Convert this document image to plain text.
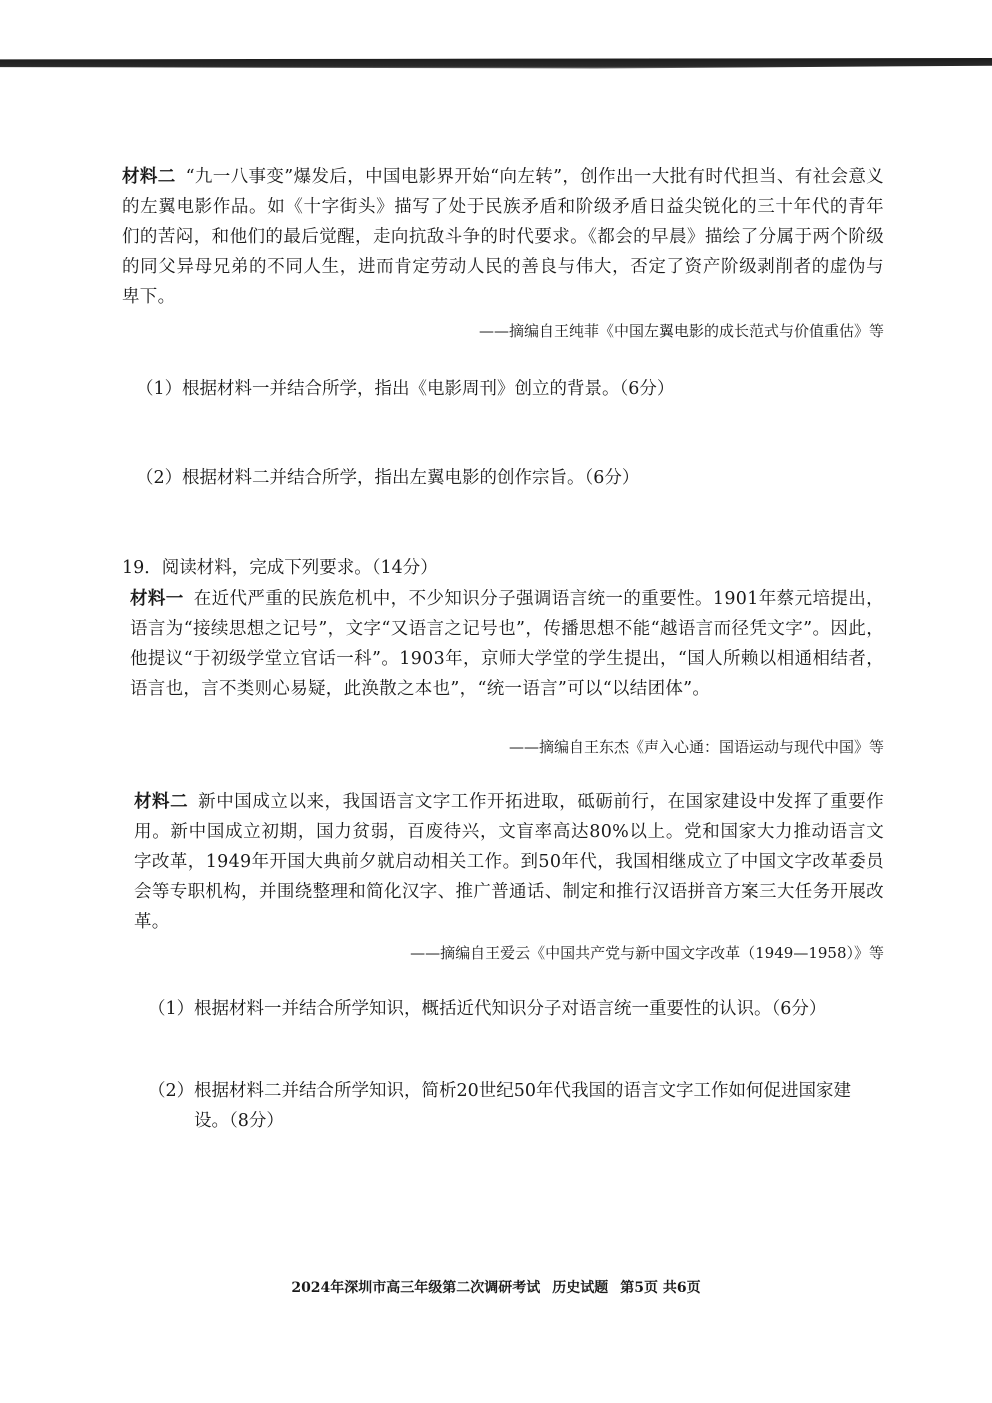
材料二 “九一八事变”爆发后，中国电影界开始“向左转”，创作出一大批有时代担当、有社会意义的左翼电影作品。如《十字街头》描写了处于民族矛盾和阶级矛盾日益尖锐化的三十年代的青年们的苦闷，和他们的最后觉醒，走向抗敌斗争的时代要求。《都会的早晨》描绘了分属于两个阶级的同父异母兄弟的不同人生，进而肯定劳动人民的善良与伟大，否定了资产阶级剥削者的虚伪与卑下。
——摘编自王纯菲《中国左翼电影的成长范式与价值重估》等
（1）根据材料一并结合所学，指出《电影周刊》创立的背景。（6分）
（2）根据材料二并结合所学，指出左翼电影的创作宗旨。（6分）
19．阅读材料，完成下列要求。（14分）
材料一 在近代严重的民族危机中，不少知识分子强调语言统一的重要性。1901年蔡元培提出，语言为“接续思想之记号”，文字“又语言之记号也”，传播思想不能“越语言而径凭文字”。因此，他提议“于初级学堂立官话一科”。1903年，京师大学堂的学生提出，“国人所赖以相通相结者，语言也，言不类则心易疑，此涣散之本也”，“统一语言”可以“以结团体”。
——摘编自王东杰《声入心通：国语运动与现代中国》等
材料二 新中国成立以来，我国语言文字工作开拓进取，砥砺前行，在国家建设中发挥了重要作用。新中国成立初期，国力贫弱，百废待兴，文盲率高达80%以上。党和国家大力推动语言文字改革，1949年开国大典前夕就启动相关工作。到50年代，我国相继成立了中国文字改革委员会等专职机构，并围绕整理和简化汉字、推广普通话、制定和推行汉语拼音方案三大任务开展改革。
——摘编自王爱云《中国共产党与新中国文字改革（1949—1958）》等
（1）根据材料一并结合所学知识，概括近代知识分子对语言统一重要性的认识。（6分）
（2） 根据材料二并结合所学知识，简析20世纪50年代我国的语言文字工作如何促进国家建设。（8分）
2024年深圳市高三年级第二次调研考试 历史试题 第5页 共6页
